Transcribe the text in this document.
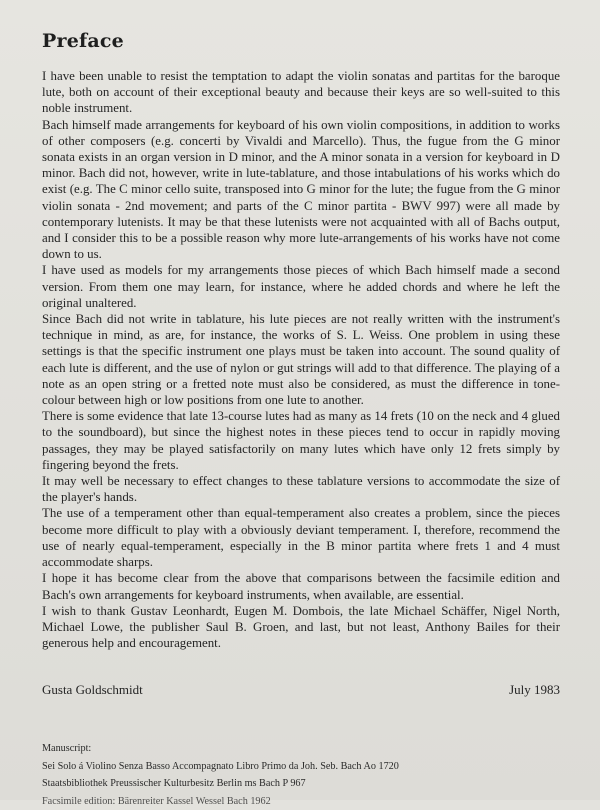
Preface

I have been unable to resist the temptation to adapt the violin sonatas and partitas for the baroque lute, both on account of their exceptional beauty and because their keys are so well-suited to this noble instrument.

Bach himself made arrangements for keyboard of his own violin compositions, in addition to works of other composers (e.g. concerti by Vivaldi and Marcello). Thus, the fugue from the G minor sonata exists in an organ version in D minor, and the A minor sonata in a version for keyboard in D minor. Bach did not, however, write in lute-tablature, and those intabulations of his works which do exist (e.g. The C minor cello suite, transposed into G minor for the lute; the fugue from the G minor violin sonata - 2nd movement; and parts of the C minor partita - BWV 997) were all made by contemporary lutenists. It may be that these lutenists were not acquainted with all of Bachs output, and I consider this to be a possible reason why more lute-arrangements of his works have not come down to us.

I have used as models for my arrangements those pieces of which Bach himself made a second version. From them one may learn, for instance, where he added chords and where he left the original unaltered.

Since Bach did not write in tablature, his lute pieces are not really written with the instrument's technique in mind, as are, for instance, the works of S. L. Weiss. One problem in using these settings is that the specific instrument one plays must be taken into account. The sound quality of each lute is different, and the use of nylon or gut strings will add to that difference. The playing of a note as an open string or a fretted note must also be considered, as must the difference in tone-colour between high or low positions from one lute to another.

There is some evidence that late 13-course lutes had as many as 14 frets (10 on the neck and 4 glued to the soundboard), but since the highest notes in these pieces tend to occur in rapidly moving passages, they may be played satisfactorily on many lutes which have only 12 frets simply by fingering beyond the frets.

It may well be necessary to effect changes to these tablature versions to accommodate the size of the player's hands.

The use of a temperament other than equal-temperament also creates a problem, since the pieces become more difficult to play with a obviously deviant temperament. I, therefore, recommend the use of nearly equal-temperament, especially in the B minor partita where frets 1 and 4 must accommodate sharps.

I hope it has become clear from the above that comparisons between the facsimile edition and Bach's own arrangements for keyboard instruments, when available, are essential.

I wish to thank Gustav Leonhardt, Eugen M. Dombois, the late Michael Schäffer, Nigel North, Michael Lowe, the publisher Saul B. Groen, and last, but not least, Anthony Bailes for their generous help and encouragement.

Gusta Goldschmidt	July 1983
Manuscript:
Sei Solo á Violino Senza Basso Accompagnato Libro Primo da Joh. Seb. Bach Ao 1720
Staatsbibliothek Preussischer Kulturbesitz Berlin ms Bach P 967
Facsimile edition: Bärenreiter Kassel Wessel Bach 1962
